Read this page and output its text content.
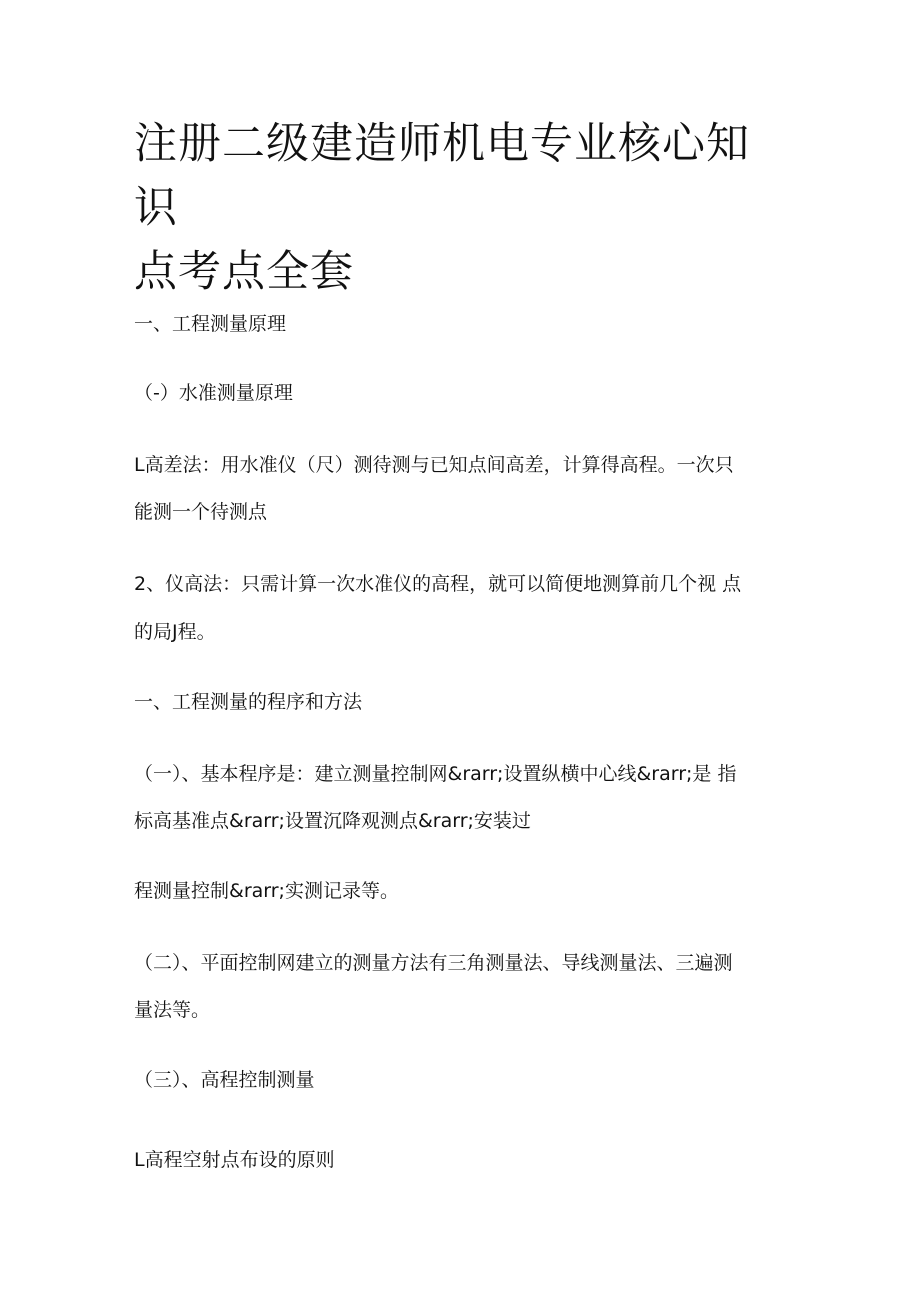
注册二级建造师机电专业核心知识
点考点全套

一、工程测量原理

（-）水准测量原理

L高差法：用水准仪（尺）测待测与已知点间高差，计算得高程。一次只

能测一个待测点

2、仪高法：只需计算一次水准仪的高程，就可以简便地测算前几个视 点

的局J程。

一、工程测量的程序和方法

（一）、基本程序是：建立测量控制网&rarr;设置纵横中心线&rarr;是 指

标高基准点&rarr;设置沉降观测点&rarr;安装过

程测量控制&rarr;实测记录等。

（二）、平面控制网建立的测量方法有三角测量法、导线测量法、三遍测

量法等。

（三）、高程控制测量

L高程空射点布设的原则
